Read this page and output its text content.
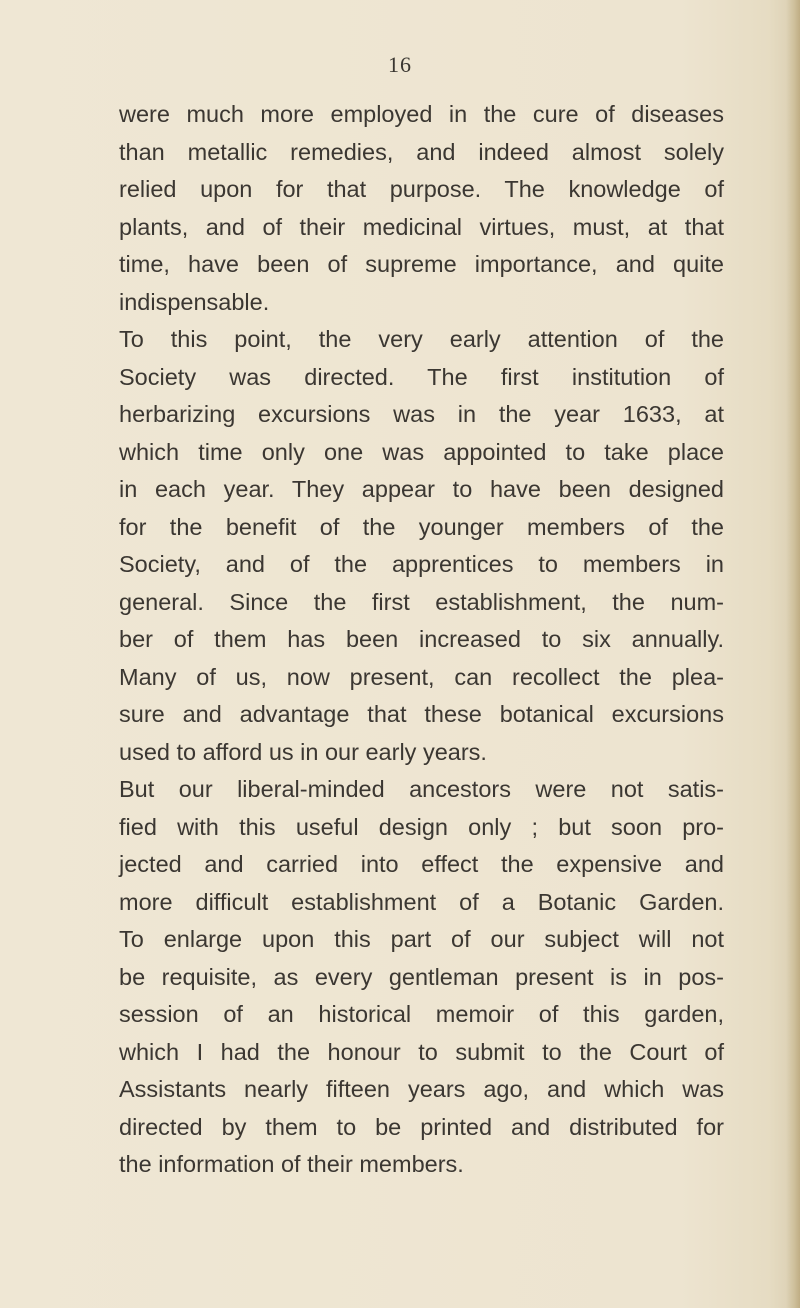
16
were much more employed in the cure of diseases
than metallic remedies, and indeed almost solely
relied upon for that purpose. The knowledge of
plants, and of their medicinal virtues, must, at that
time, have been of supreme importance, and quite
indispensable.
To this point, the very early attention of the
Society was directed. The first institution of
herbarizing excursions was in the year 1633, at
which time only one was appointed to take place
in each year. They appear to have been designed
for the benefit of the younger members of the
Society, and of the apprentices to members in
general. Since the first establishment, the num-
ber of them has been increased to six annually.
Many of us, now present, can recollect the plea-
sure and advantage that these botanical excursions
used to afford us in our early years.
But our liberal-minded ancestors were not satis-
fied with this useful design only ; but soon pro-
jected and carried into effect the expensive and
more difficult establishment of a Botanic Garden.
To enlarge upon this part of our subject will not
be requisite, as every gentleman present is in pos-
session of an historical memoir of this garden,
which I had the honour to submit to the Court of
Assistants nearly fifteen years ago, and which was
directed by them to be printed and distributed for
the information of their members.
